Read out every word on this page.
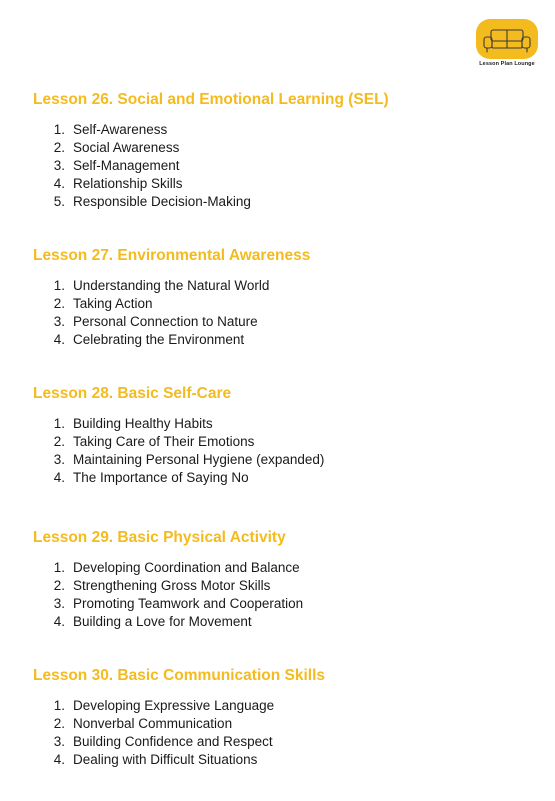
Lesson Plan Lounge
Lesson 26. Social and Emotional Learning (SEL)
1. Self-Awareness
2. Social Awareness
3. Self-Management
4. Relationship Skills
5. Responsible Decision-Making
Lesson 27. Environmental Awareness
1. Understanding the Natural World
2. Taking Action
3. Personal Connection to Nature
4. Celebrating the Environment
Lesson 28. Basic Self-Care
1. Building Healthy Habits
2. Taking Care of Their Emotions
3. Maintaining Personal Hygiene (expanded)
4. The Importance of Saying No
Lesson 29. Basic Physical Activity
1. Developing Coordination and Balance
2. Strengthening Gross Motor Skills
3. Promoting Teamwork and Cooperation
4. Building a Love for Movement
Lesson 30. Basic Communication Skills
1. Developing Expressive Language
2. Nonverbal Communication
3. Building Confidence and Respect
4. Dealing with Difficult Situations
